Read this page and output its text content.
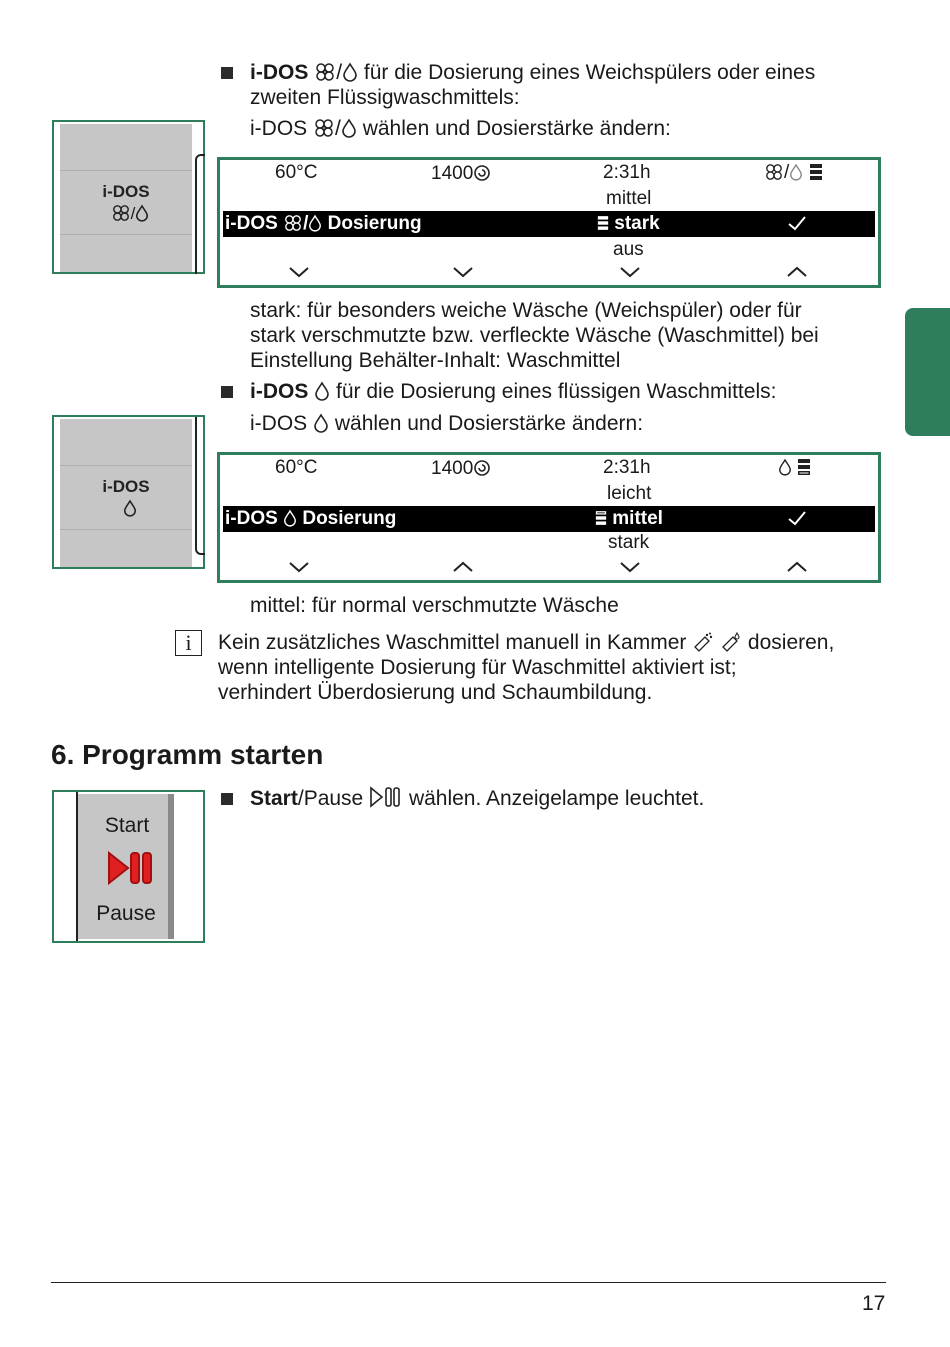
i-DOS / für die Dosierung eines Weichspülers oder eines
zweiten Flüssigwaschmittels:
i-DOS / wählen und Dosierstärke ändern:
i-DOS
/
60°C	1400	2:31h	/
mittel
i-DOS / Dosierung	stark
aus
stark: für besonders weiche Wäsche (Weichspüler) oder für
stark verschmutzte bzw. verfleckte Wäsche (Waschmittel) bei
Einstellung Behälter-Inhalt: Waschmittel
i-DOS für die Dosierung eines flüssigen Waschmittels:
i-DOS wählen und Dosierstärke ändern:
i-DOS
60°C	1400	2:31h

leicht
i-DOS Dosierung	mittel
stark
mittel: für normal verschmutzte Wäsche
i	Kein zusätzliches Waschmittel manuell in Kammer	dosieren,
wenn intelligente Dosierung für Waschmittel aktiviert ist;
verhindert Überdosierung und Schaumbildung.
6. Programm starten
Start
Pause
Start/Pause wählen. Anzeigelampe leuchtet.
17
